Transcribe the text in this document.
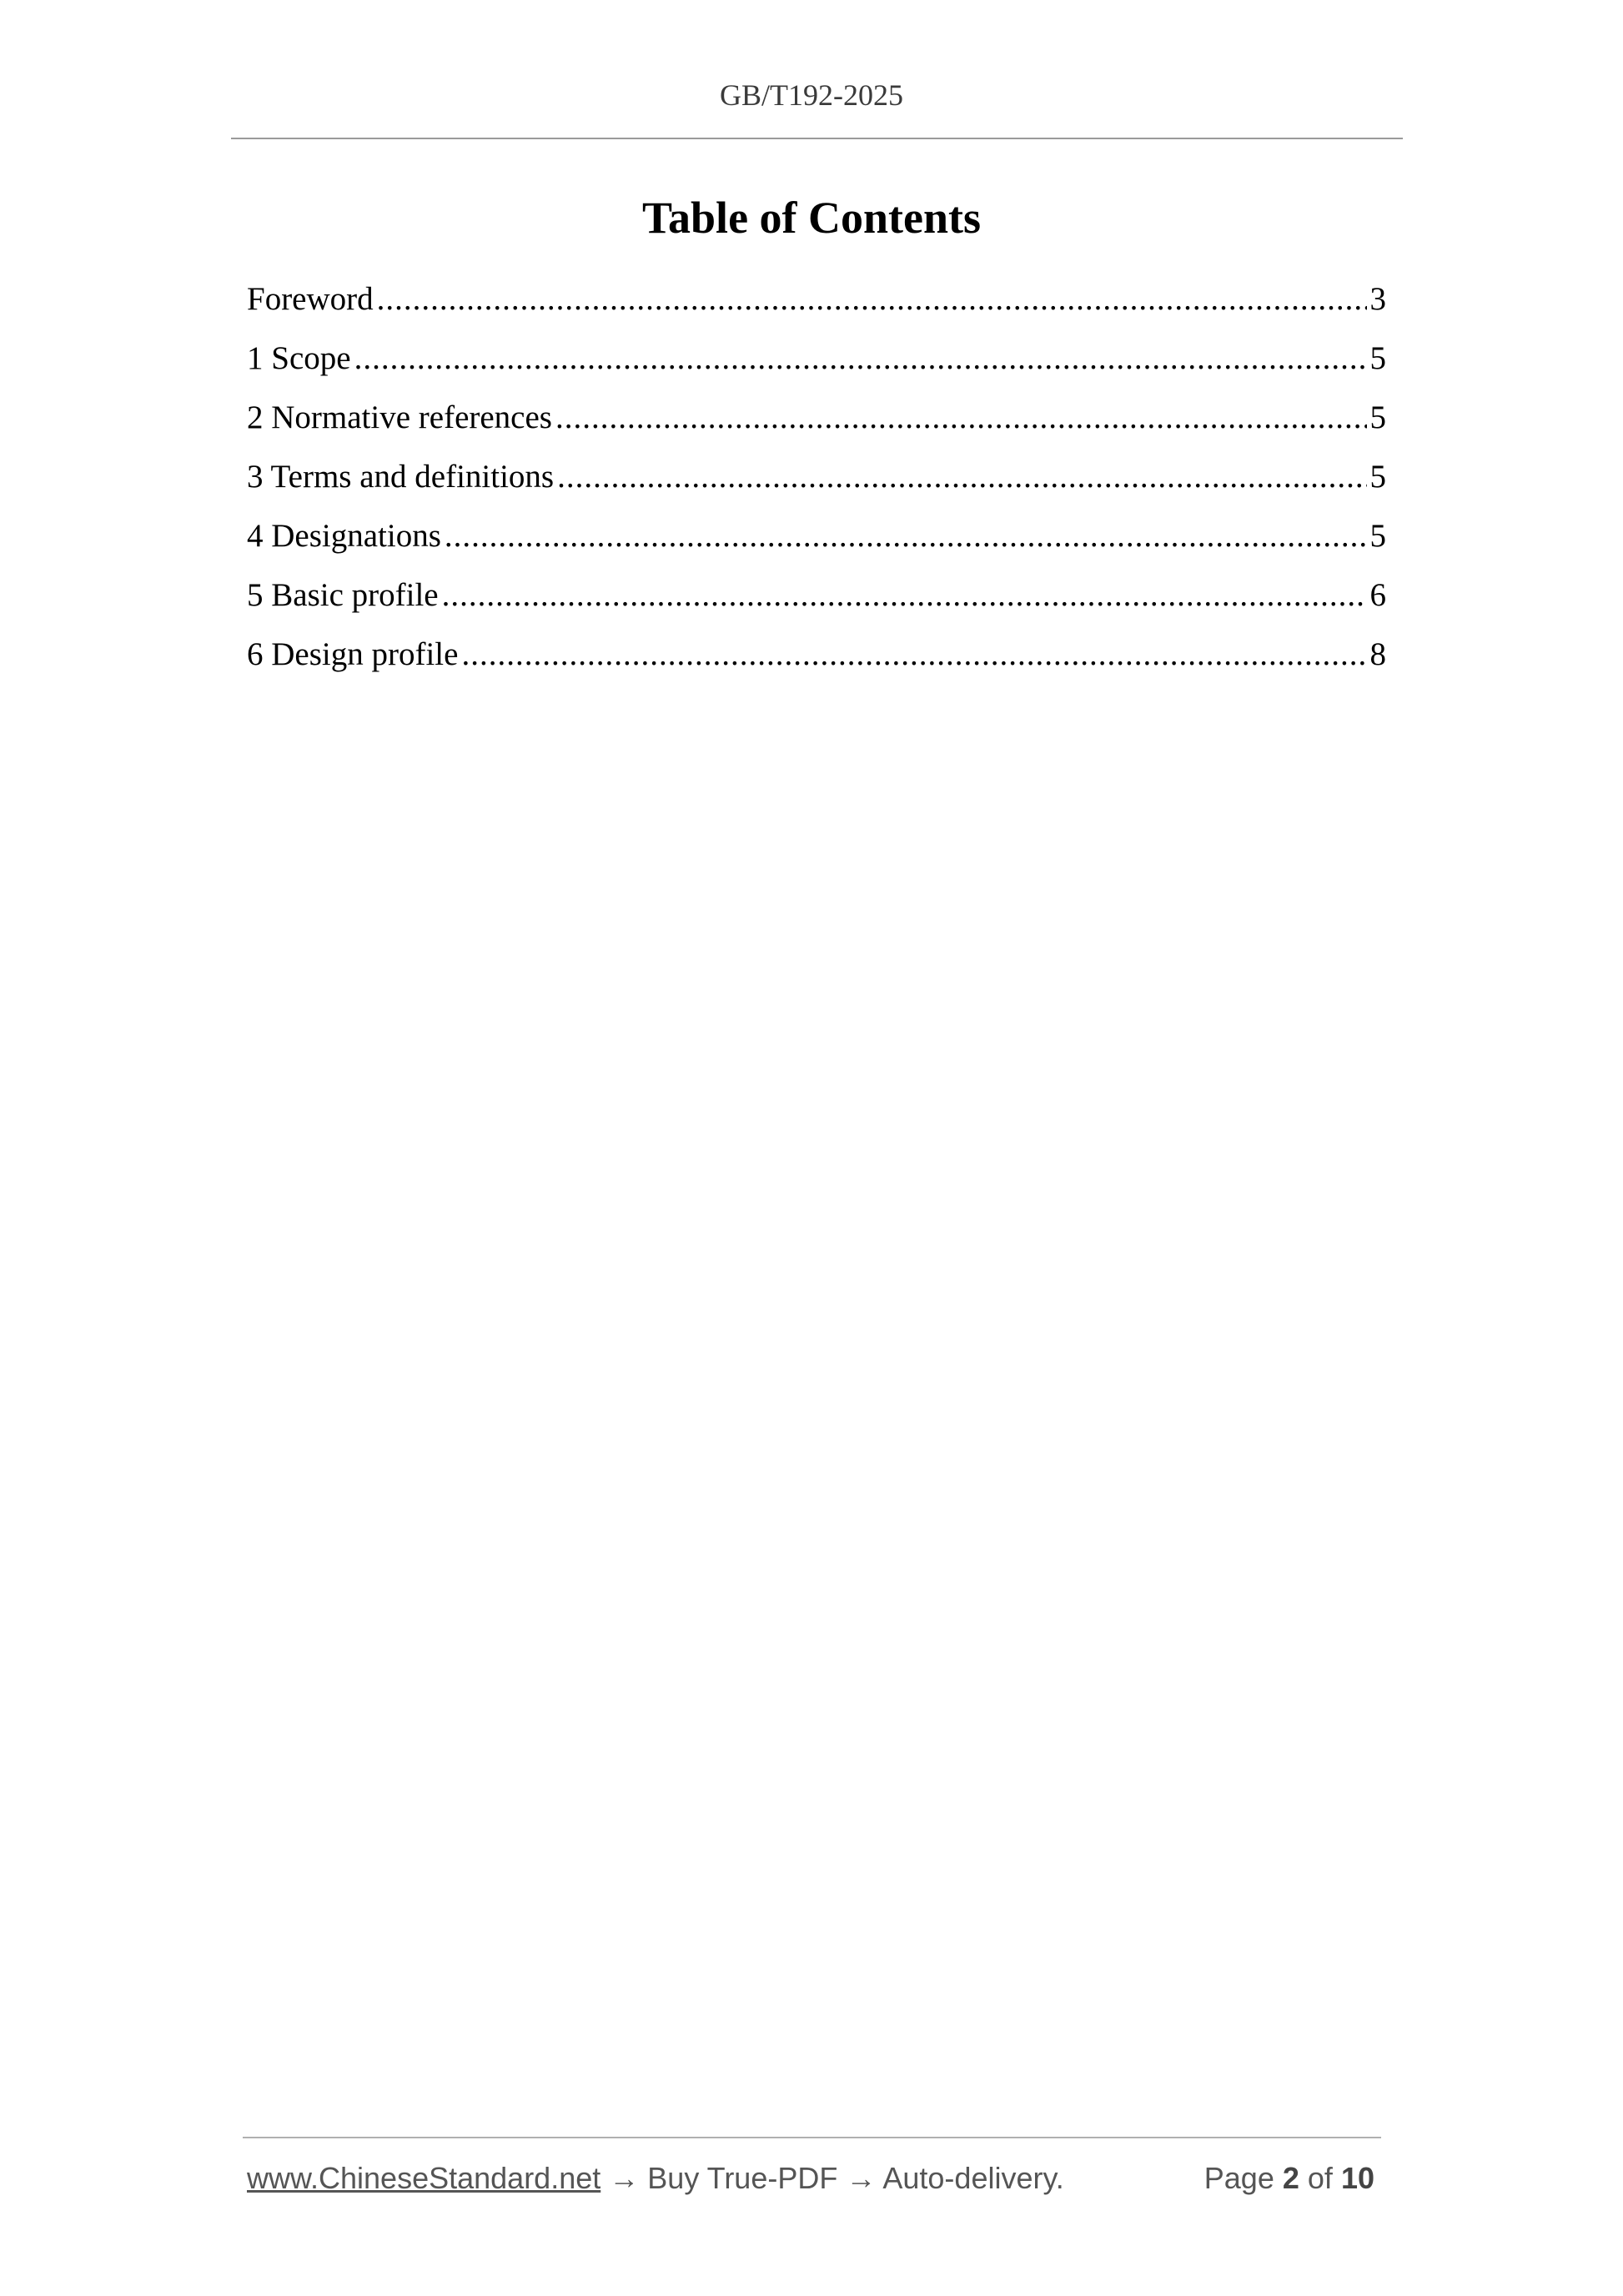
GB/T192-2025
Table of Contents
Foreword .....	3
1 Scope .....	5
2 Normative references .....	5
3 Terms and definitions .....	5
4 Designations .....	5
5 Basic profile .....	6
6 Design profile .....	8
www.ChineseStandard.net → Buy True-PDF → Auto-delivery.	Page 2 of 10
